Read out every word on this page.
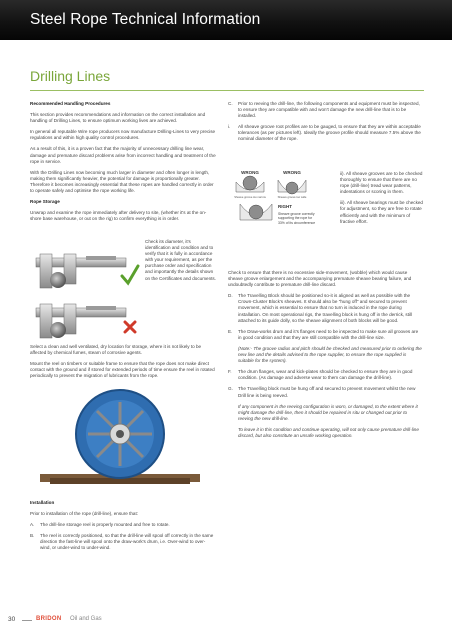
Steel Rope Technical Information
Drilling Lines
Recommended Handling Procedures

This section provides recommendations and information on the correct installation and handling of Drilling Lines, to ensure optimum working lives are achieved.

In general all reputable Wire rope producers now manufacture Drilling-Lines to very precise regulations and within high quality control procedures.

As a result of this, it is a proven fact that the majority of unnecessary drilling line wear, damage and premature discard problems arise from incorrect handling and treatment of the rope in service.

With the Drilling Lines now becoming much larger in diameter and often longer in length, making them significantly heavier, the potential for damage is proportionally greater. Therefore it becomes increasingly essential that these ropes are handled correctly in order to operate safely and optimise the rope working life.

Rope Storage

Unwrap and examine the rope immediately after delivery to site, (whether it's at the on-shore base warehouse, or out on the rig) to confirm everything is in order.

Check its diameter, it's identification and condition and to verify that it is fully in accordance with your requirement, as per the purchase order and specification and importantly the details shown on the Certificates and documents.

Select a clean and well ventilated, dry location for storage, where it is not likely to be affected by chemical fumes, steam of corrosive agents.

Mount the reel on timbers or suitable frame to ensure that the rope does not make direct contact with the ground and if stored for extended periods of time ensure the reel in rotated periodically to prevent the migration of lubricants from the rope.

Installation

Prior to installation of the rope (drill-line), ensure that:

A.	The drill-line storage reel is properly mounted and free to rotate.
B.	The reel is correctly positioned, so that the drill-line will spool off correctly in the same direction the fast-line will spool onto the draw-work's drum, i.e. Over-wind to over-wind, or under-wind to under-wind.
C.	Prior to reeving the drill-line, the following components and equipment must be inspected, to ensure they are compatible with and won't damage the new drill-line that is to be installed.
i.	All sheave groove root profiles are to be gauged, to ensure that they are within acceptable tolerances (as per pictures left). Ideally the groove profile should measure 7.5% above the nominal diameter of the rope.
WRONG	WRONG
Sheave groove too narrow	Sheave groove too wide
RIGHT
Sheave groove correctly supporting the rope for 33% of its circumference

ii). All sheave grooves are to be checked thoroughly to ensure that there are no rope (drill-line) tread wear patterns, indentations or scoring in them.

iii). All sheave bearings must be checked for adjustment, so they are free to rotate efficiently and with the minimum of fractive effort.

Check to ensure that there is no excessive side-movement, (wobble) which would cause sheave groove enlargement and the accompanying premature sheave bearing failure, and undoubtedly contribute to premature drill-line discard.

D.	The Travelling Block should be positioned so-it is aligned as well as possible with the Crown-Cluster Block's sheaves. It should also be "hung off" and secured to prevent movement, which is essential to ensure that no turn is induced in the rope during installation. On most operational rigs, the travelling block is hung off in the derrick, still attached to its guide dolly, so the sheave alignment of both blocks will be good.
E.	The Draw-works drum and it's flanges need to be inspected to make sure all grooves are in good condition and that they are still compatible with the drill-line size.
(Note:- The groove radius and pitch should be checked and measured prior to ordering the new line and the details advised to the rope supplier, to ensure the rope supplied is suitable for the system).
F.	The drum flanges, wear and kick-plates should be checked to ensure they are in good condition. (As damage and adverse wear to them can damage the drill-line).
G.	The Travelling block must be hung off and secured to prevent movement whilst the new Drill line is being reeved.
If any component in the reeving configuration is worn, or damaged, to the extent where it might damage the drill-line, then it should be repaired in situ or changed out prior to reeving the new drill-line.
To leave it in this condition and continue operating, will not only cause premature drill-line discard, but also constitute an unsafe working operation.
30	BRIDON Oil and Gas
